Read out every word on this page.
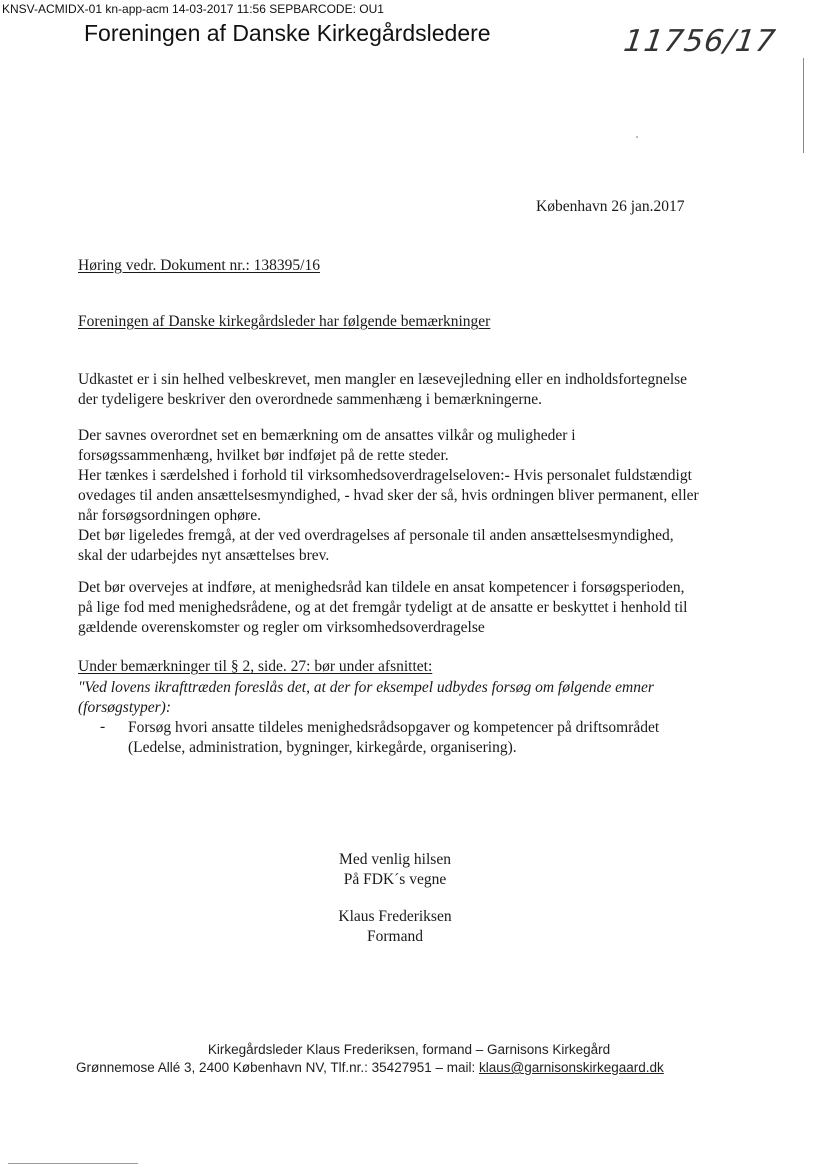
KNSV-ACMIDX-01 kn-app-acm 14-03-2017 11:56 SEPBARCODE: OU1
Foreningen af Danske Kirkegårdsledere	11756/17
København 26 jan.2017
Høring vedr. Dokument nr.: 138395/16
Foreningen af Danske kirkegårdsleder har følgende bemærkninger
Udkastet er i sin helhed velbeskrevet, men mangler en læsevejledning eller en indholdsfortegnelse
der tydeligere beskriver den overordnede sammenhæng i bemærkningerne.
Der savnes overordnet set en bemærkning om de ansattes vilkår og muligheder i
forsøgssammenhæng, hvilket bør indføjet på de rette steder.
Her tænkes i særdelshed i forhold til virksomhedsoverdragelseloven:- Hvis personalet fuldstændigt
ovedages til anden ansættelsesmyndighed, - hvad sker der så, hvis ordningen bliver permanent, eller
når forsøgsordningen ophøre.
Det bør ligeledes fremgå, at der ved overdragelses af personale til anden ansættelsesmyndighed,
skal der udarbejdes nyt ansættelses brev.
Det bør overvejes at indføre, at menighedsråd kan tildele en ansat kompetencer i forsøgsperioden,
på lige fod med menighedsrådene, og at det fremgår tydeligt at de ansatte er beskyttet i henhold til
gældende overenskomster og regler om virksomhedsoverdragelse
Under bemærkninger til § 2, side. 27: bør under afsnittet:
"Ved lovens ikrafttræden foreslås det, at der for eksempel udbydes forsøg om følgende emner
(forsøgstyper):
- Forsøg hvori ansatte tildeles menighedsrådsopgaver og kompetencer på driftsområdet
(Ledelse, administration, bygninger, kirkegårde, organisering).
Med venlig hilsen
På FDK´s vegne
Klaus Frederiksen
Formand
Kirkegårdsleder Klaus Frederiksen, formand – Garnisons Kirkegård
Grønnemose Allé 3, 2400 København NV, Tlf.nr.: 35427951 – mail: klaus@garnisonskirkegaard.dk
